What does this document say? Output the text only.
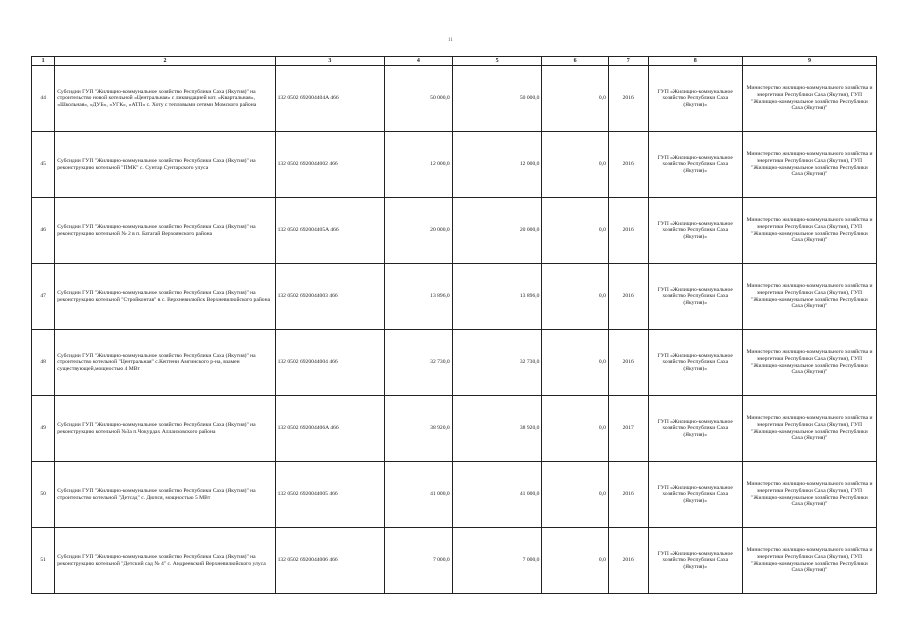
11
1	2	3	4	5	6	7	8	9
44	Субсидии ГУП "Жилищно-коммунальное хозяйство Республики Саха (Якутия)" на строительство новой котельной «Центральная» с ликвидацией кот. «Квартальная», «Школьная», «ДУБ», «УГК», «АТП» с. Хоту с тепловыми сетями Момского района	132 0502 692004404A 466	50 000,0	50 000,0	0,0	2016	ГУП «Жилищно-коммунальное хозяйство Республики Саха (Якутия)»	Министерство жилищно-коммунального хозяйства и энергетики Республики Саха (Якутия), ГУП "Жилищно-коммунальное хозяйство Республики Саха (Якутия)"
45	Субсидии ГУП "Жилищно-коммунальное хозяйство Республики Саха (Якутия)" на реконструкцию котельной "ПМК" с. Сунтар Сунтарского улуса	132 0502 6920044002 466	12 000,0	12 000,0	0,0	2016	ГУП «Жилищно-коммунальное хозяйство Республики Саха (Якутия)»	Министерство жилищно-коммунального хозяйства и энергетики Республики Саха (Якутия), ГУП "Жилищно-коммунальное хозяйство Республики Саха (Якутия)"
46	Субсидии ГУП "Жилищно-коммунальное хозяйство Республики Саха (Якутия)" на реконструкцию котельной № 2 в п. Батагай Верхоянского района	132 0502 692004405A 466	20 000,0	20 000,0	0,0	2016	ГУП «Жилищно-коммунальное хозяйство Республики Саха (Якутия)»	Министерство жилищно-коммунального хозяйства и энергетики Республики Саха (Якутия), ГУП "Жилищно-коммунальное хозяйство Республики Саха (Якутия)"
47	Субсидии ГУП "Жилищно-коммунальное хозяйство Республики Саха (Якутия)" на реконструкцию котельной "Стройконтав" в с. Верхневилюйск Верхневилюйского района	132 0502 6920044003 466	13 896,0	13 896,0	0,0	2016	ГУП «Жилищно-коммунальное хозяйство Республики Саха (Якутия)»	Министерство жилищно-коммунального хозяйства и энергетики Республики Саха (Якутия), ГУП "Жилищно-коммунальное хозяйство Республики Саха (Якутия)"
48	Субсидии ГУП "Жилищно-коммунальное хозяйство Республики Саха (Якутия)" на строительство котельной "Центральная" с.Кептени Амгинского р-на, взамен существующей,мощностью 4 МВт	132 0502 6920044004 466	32 730,0	32 730,0	0,0	2016	ГУП «Жилищно-коммунальное хозяйство Республики Саха (Якутия)»	Министерство жилищно-коммунального хозяйства и энергетики Республики Саха (Якутия), ГУП "Жилищно-коммунальное хозяйство Республики Саха (Якутия)"
49	Субсидии ГУП "Жилищно-коммунальное хозяйство Республики Саха (Якутия)" на реконструкцию котельной №3а п.Чокурдах Аллаиховского района	132 0502 692004406A 466	38 920,0	38 920,0	0,0	2017	ГУП «Жилищно-коммунальное хозяйство Республики Саха (Якутия)»	Министерство жилищно-коммунального хозяйства и энергетики Республики Саха (Якутия), ГУП "Жилищно-коммунальное хозяйство Республики Саха (Якутия)"
50	Субсидии ГУП "Жилищно-коммунальное хозяйство Республики Саха (Якутия)" на строительство котельной "Детсад" с. Дюпся, мощностью 5 МВт	132 0502 6920044005 466	41 000,0	41 000,0	0,0	2016	ГУП «Жилищно-коммунальное хозяйство Республики Саха (Якутия)»	Министерство жилищно-коммунального хозяйства и энергетики Республики Саха (Якутия), ГУП "Жилищно-коммунальное хозяйство Республики Саха (Якутия)"
51	Субсидии ГУП "Жилищно-коммунальное хозяйство Республики Саха (Якутия)" на реконструкцию котельной "Детский сад № 4" с. Андреевский Верхневилюйского улуса	132 0502 6920044006 466	7 000,0	7 000,0	0,0	2016	ГУП «Жилищно-коммунальное хозяйство Республики Саха (Якутия)»	Министерство жилищно-коммунального хозяйства и энергетики Республики Саха (Якутия), ГУП "Жилищно-коммунальное хозяйство Республики Саха (Якутия)"
